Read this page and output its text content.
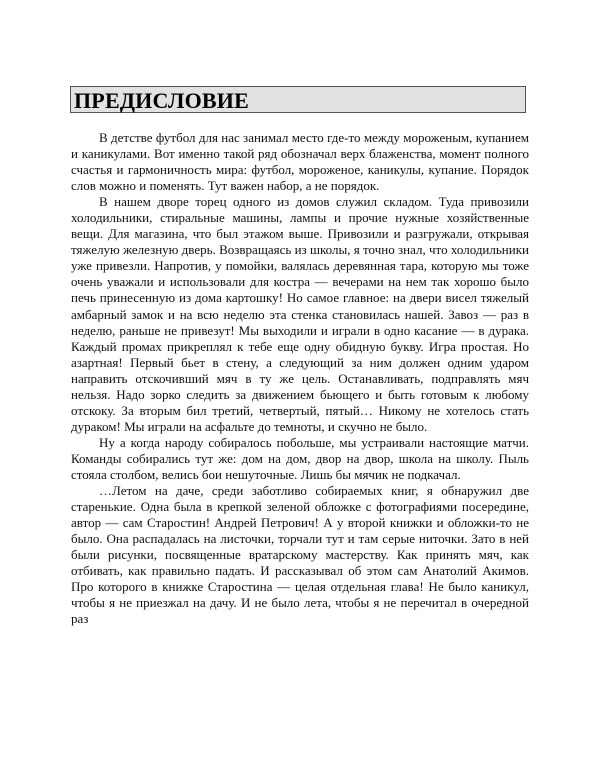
ПРЕДИСЛОВИЕ

В детстве футбол для нас занимал место где-то между мороженым, купанием и каникулами. Вот именно такой ряд обозначал верх блаженства, момент полного счастья и гармоничность мира: футбол, мороженое, каникулы, купание. Порядок слов можно и поменять. Тут важен набор, а не порядок.

В нашем дворе торец одного из домов служил складом. Туда привозили холодильники, стиральные машины, лампы и прочие нужные хозяйственные вещи. Для магазина, что был этажом выше. Привозили и разгружали, открывая тяжелую железную дверь. Возвращаясь из школы, я точно знал, что холодильники уже привезли. Напротив, у помойки, валялась деревянная тара, которую мы тоже очень уважали и использовали для костра — вечерами на нем так хорошо было печь принесенную из дома картошку! Но самое главное: на двери висел тяжелый амбарный замок и на всю неделю эта стенка становилась нашей. Завоз — раз в неделю, раньше не привезут! Мы выходили и играли в одно касание — в дурака. Каждый промах прикреплял к тебе еще одну обидную букву. Игра простая. Но азартная! Первый бьет в стену, а следующий за ним должен одним ударом направить отскочивший мяч в ту же цель. Останавливать, подправлять мяч нельзя. Надо зорко следить за движением бьющего и быть готовым к любому отскоку. За вторым бил третий, четвертый, пятый… Никому не хотелось стать дураком! Мы играли на асфальте до темноты, и скучно не было.

Ну а когда народу собиралось побольше, мы устраивали настоящие матчи. Команды собирались тут же: дом на дом, двор на двор, школа на школу. Пыль стояла столбом, велись бои нешуточные. Лишь бы мячик не подкачал.

…Летом на даче, среди заботливо собираемых книг, я обнаружил две старенькие. Одна была в крепкой зеленой обложке с фотографиями посередине, автор — сам Старостин! Андрей Петрович! А у второй книжки и обложки-то не было. Она распадалась на листочки, торчали тут и там серые ниточки. Зато в ней были рисунки, посвященные вратарскому мастерству. Как принять мяч, как отбивать, как правильно падать. И рассказывал об этом сам Анатолий Акимов. Про которого в книжке Старостина — целая отдельная глава! Не было каникул, чтобы я не приезжал на дачу. И не было лета, чтобы я не перечитал в очередной раз
